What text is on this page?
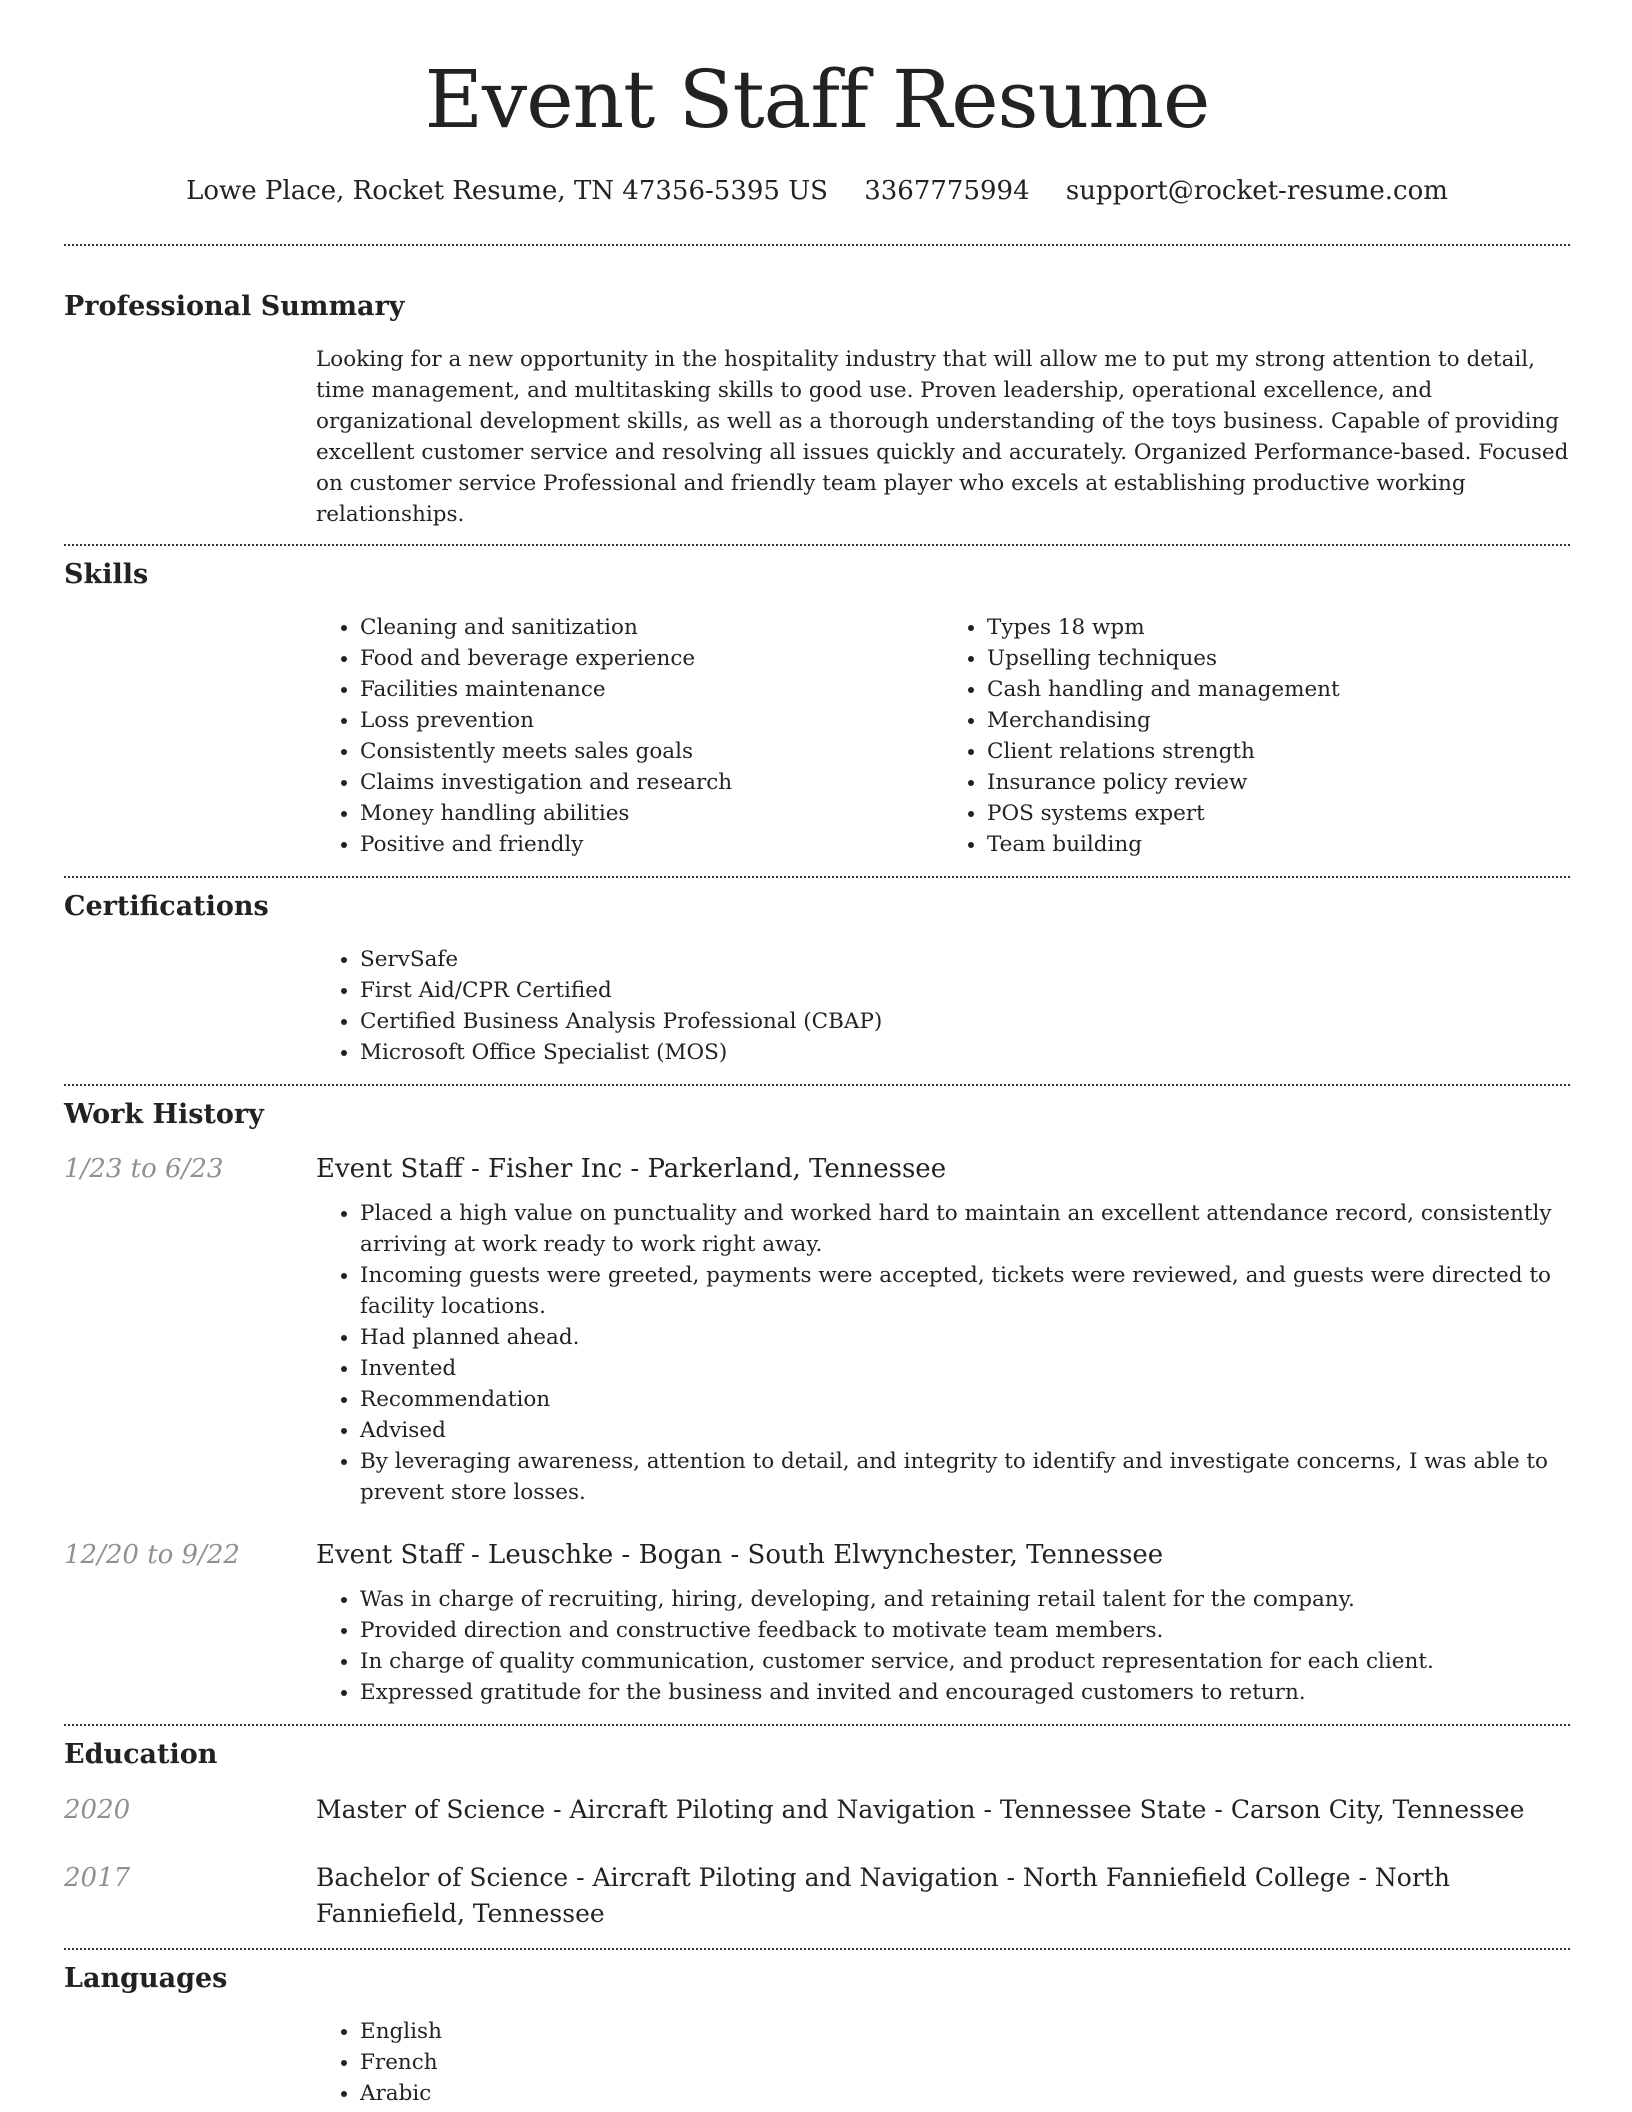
Event Staff Resume
Lowe Place, Rocket Resume, TN 47356-5395 US 3367775994 support@rocket-resume.com
Professional Summary
Looking for a new opportunity in the hospitality industry that will allow me to put my strong attention to detail, time management, and multitasking skills to good use. Proven leadership, operational excellence, and organizational development skills, as well as a thorough understanding of the toys business. Capable of providing excellent customer service and resolving all issues quickly and accurately. Organized Performance-based. Focused on customer service Professional and friendly team player who excels at establishing productive working relationships.
Skills
• Cleaning and sanitization
• Food and beverage experience
• Facilities maintenance
• Loss prevention
• Consistently meets sales goals
• Claims investigation and research
• Money handling abilities
• Positive and friendly
• Types 18 wpm
• Upselling techniques
• Cash handling and management
• Merchandising
• Client relations strength
• Insurance policy review
• POS systems expert
• Team building
Certifications
• ServSafe
• First Aid/CPR Certified
• Certified Business Analysis Professional (CBAP)
• Microsoft Office Specialist (MOS)
Work History
1/23 to 6/23	Event Staff - Fisher Inc - Parkerland, Tennessee
• Placed a high value on punctuality and worked hard to maintain an excellent attendance record, consistently arriving at work ready to work right away.
• Incoming guests were greeted, payments were accepted, tickets were reviewed, and guests were directed to facility locations.
• Had planned ahead.
• Invented
• Recommendation
• Advised
• By leveraging awareness, attention to detail, and integrity to identify and investigate concerns, I was able to prevent store losses.
12/20 to 9/22	Event Staff - Leuschke - Bogan - South Elwynchester, Tennessee
• Was in charge of recruiting, hiring, developing, and retaining retail talent for the company.
• Provided direction and constructive feedback to motivate team members.
• In charge of quality communication, customer service, and product representation for each client.
• Expressed gratitude for the business and invited and encouraged customers to return.
Education
2020	Master of Science - Aircraft Piloting and Navigation - Tennessee State - Carson City, Tennessee
2017	Bachelor of Science - Aircraft Piloting and Navigation - North Fanniefield College - North Fanniefield, Tennessee
Languages
• English
• French
• Arabic
